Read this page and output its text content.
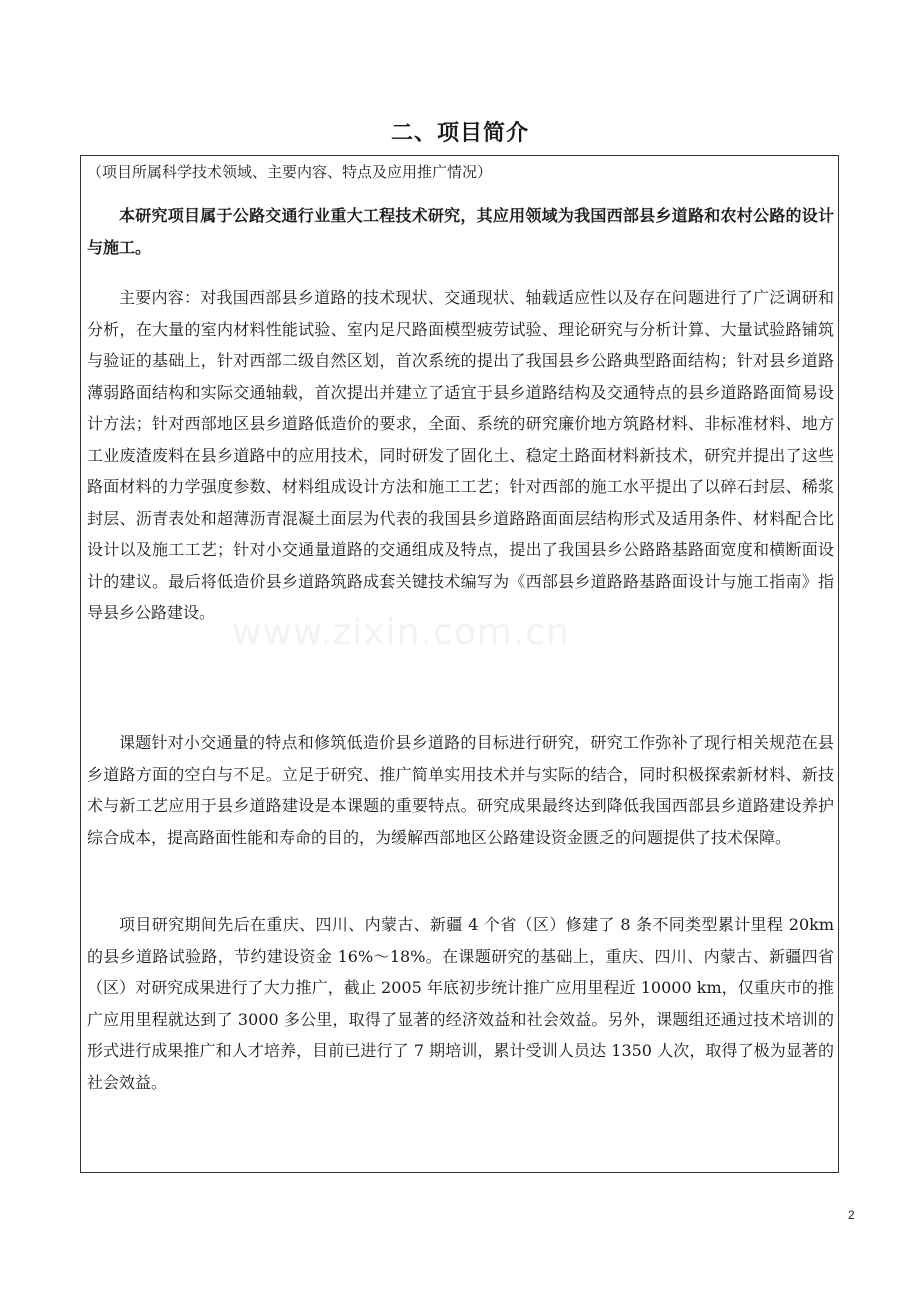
二、项目简介
（项目所属科学技术领域、主要内容、特点及应用推广情况）

本研究项目属于公路交通行业重大工程技术研究，其应用领域为我国西部县乡道路和农村公路的设计与施工。

主要内容：对我国西部县乡道路的技术现状、交通现状、轴载适应性以及存在问题进行了广泛调研和分析，在大量的室内材料性能试验、室内足尺路面模型疲劳试验、理论研究与分析计算、大量试验路铺筑与验证的基础上，针对西部二级自然区划，首次系统的提出了我国县乡公路典型路面结构；针对县乡道路薄弱路面结构和实际交通轴载，首次提出并建立了适宜于县乡道路结构及交通特点的县乡道路路面简易设计方法；针对西部地区县乡道路低造价的要求，全面、系统的研究廉价地方筑路材料、非标准材料、地方工业废渣废料在县乡道路中的应用技术，同时研发了固化土、稳定土路面材料新技术，研究并提出了这些路面材料的力学强度参数、材料组成设计方法和施工工艺；针对西部的施工水平提出了以碎石封层、稀浆封层、沥青表处和超薄沥青混凝土面层为代表的我国县乡道路路面面层结构形式及适用条件、材料配合比设计以及施工工艺；针对小交通量道路的交通组成及特点，提出了我国县乡公路路基路面宽度和横断面设计的建议。最后将低造价县乡道路筑路成套关键技术编写为《西部县乡道路路基路面设计与施工指南》指导县乡公路建设。

课题针对小交通量的特点和修筑低造价县乡道路的目标进行研究，研究工作弥补了现行相关规范在县乡道路方面的空白与不足。立足于研究、推广简单实用技术并与实际的结合，同时积极探索新材料、新技术与新工艺应用于县乡道路建设是本课题的重要特点。研究成果最终达到降低我国西部县乡道路建设养护综合成本，提高路面性能和寿命的目的，为缓解西部地区公路建设资金匮乏的问题提供了技术保障。

项目研究期间先后在重庆、四川、内蒙古、新疆 4 个省（区）修建了 8 条不同类型累计里程 20km 的县乡道路试验路，节约建设资金 16%～18%。在课题研究的基础上，重庆、四川、内蒙古、新疆四省（区）对研究成果进行了大力推广，截止 2005 年底初步统计推广应用里程近 10000 km，仅重庆市的推广应用里程就达到了 3000 多公里，取得了显著的经济效益和社会效益。另外，课题组还通过技术培训的形式进行成果推广和人才培养，目前已进行了 7 期培训，累计受训人员达 1350 人次，取得了极为显著的社会效益。

www.zixin.com.cn
2
